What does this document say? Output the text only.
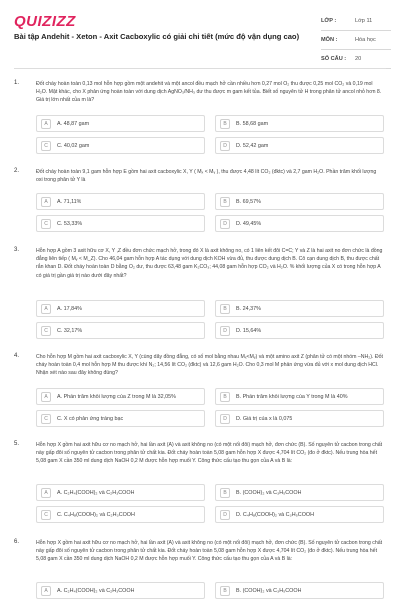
QUIZIZZ
Bài tập Andehit - Xeton - Axit Cacboxylic có giải chi tiết (mức độ vận dụng cao)
LỚP :	Lớp 11
MÔN :	Hóa học
SỐ CÂU :	20
1.	Đốt cháy hoàn toàn 0,13 mol hỗn hợp gồm một andehit và một ancol đều mạch hở cần nhiều hơn 0,27 mol O₂ thu được 0,25 mol CO₂ và 0,19 mol H₂O. Mặt khác, cho X phản ứng hoàn toàn với dung dịch AgNO₃/NH₃ dư thu được m gam kết tủa. Biết số nguyên tử H trong phân tử ancol nhỏ hơn 8. Giá trị lớn nhất của m là?
A	A. 48,87 gam	B	B. 58,68 gam
C	C. 40,02 gam	D	D. 52,42 gam
2.	Đốt cháy hoàn toàn 9,1 gam hỗn hợp E gồm hai axit cacboxylic X, Y ( Mₓ < Mᵧ ), thu được 4,48 lít CO₂ (đktc) và 2,7 gam H₂O. Phần trăm khối lượng oxi trong phân tử Y là
A	A. 71,11%	B	B. 69,57%
C	C. 53,33%	D	D. 49,45%
3.	Hỗn hợp A gồm 3 axit hữu cơ X, Y ,Z đều đơn chức mạch hở, trong đó X là axit không no, có 1 liên kết đôi C=C; Y và Z là hai axit no đơn chức là đồng đẳng liên tiếp ( Mᵧ < M_Z). Cho 46,04 gam hỗn hợp A tác dụng với dung dịch KOH vừa đủ, thu được dung dịch B. Cô cạn dung dịch B, thu được chất rắn khan D. Đốt cháy hoàn toàn D bằng O₂ dư, thu được 63,48 gam K₂CO₃; 44,08 gam hỗn hợp CO₂ và H₂O. % khối lượng của X có trong hỗn hợp A có giá trị gần giá trị nào dưới đây nhất?
A	A. 17,84%	B	B. 24,37%
C	C. 32,17%	D	D. 15,64%
4.	Cho hỗn hợp M gồm hai axit cacboxylic X, Y (cùng dãy đồng đẳng, có số mol bằng nhau Mₓ<Mᵧ) và một amino axit Z (phân tử có một nhóm –NH₂). Đốt cháy hoàn toàn 0,4 mol hỗn hợp M thu được khí N₂; 14,56 lít CO₂ (đktc) và 12,6 gam H₂O. Cho 0,3 mol M phản ứng vừa đủ với x mol dung dịch HCl. Nhận xét nào sau đây không đúng?
A	A. Phần trăm khối lượng của Z trong M là 32,05%	B	B. Phần trăm khối lượng của Y trong M là 40%
C	C. X có phản ứng tráng bạc	D	D. Giá trị của x là 0,075
5.	Hỗn hợp X gồm hai axit hữu cơ no mạch hở, hai lần axit (A) và axit không no (có một nối đôi) mạch hở, đơn chức (B). Số nguyên tử cacbon trong chất này gấp đôi số nguyên tử cacbon trong phân tử chất kia. Đốt cháy hoàn toàn 5,08 gam hỗn hợp X được 4,704 lít CO₂ (đo ở đktc). Nếu trung hòa hết 5,08 gam X cần 350 ml dung dịch NaOH 0,2 M được hỗn hợp muối Y. Công thức cấu tạo thu gọn của A và B là:
A	A. C₂H₄(COOH)₂ và C₂H₃COOH	B	B. (COOH)₂ và C₃H₅COOH
C	C. C₄H₈(COOH)₂ và C₂H₃COOH	D	D. C₄H₈(COOH)₂ và C₃H₅COOH
6.	Hỗn hợp X gồm hai axit hữu cơ no mạch hở, hai lần axit (A) và axit không no (có một nối đôi) mạch hở, đơn chức (B). Số nguyên tử cacbon trong chất này gấp đôi số nguyên tử cacbon trong phân tử chất kia. Đốt cháy hoàn toàn 5,08 gam hỗn hợp X được 4,704 lít CO₂ (đo ở đktc). Nếu trung hòa hết 5,08 gam X cần 350 ml dung dịch NaOH 0,2 M được hỗn hợp muối Y. Công thức cấu tạo thu gọn của A và B là:
A	A. C₂H₄(COOH)₂ và C₂H₃COOH	B	B. (COOH)₂ và C₃H₅COOH
